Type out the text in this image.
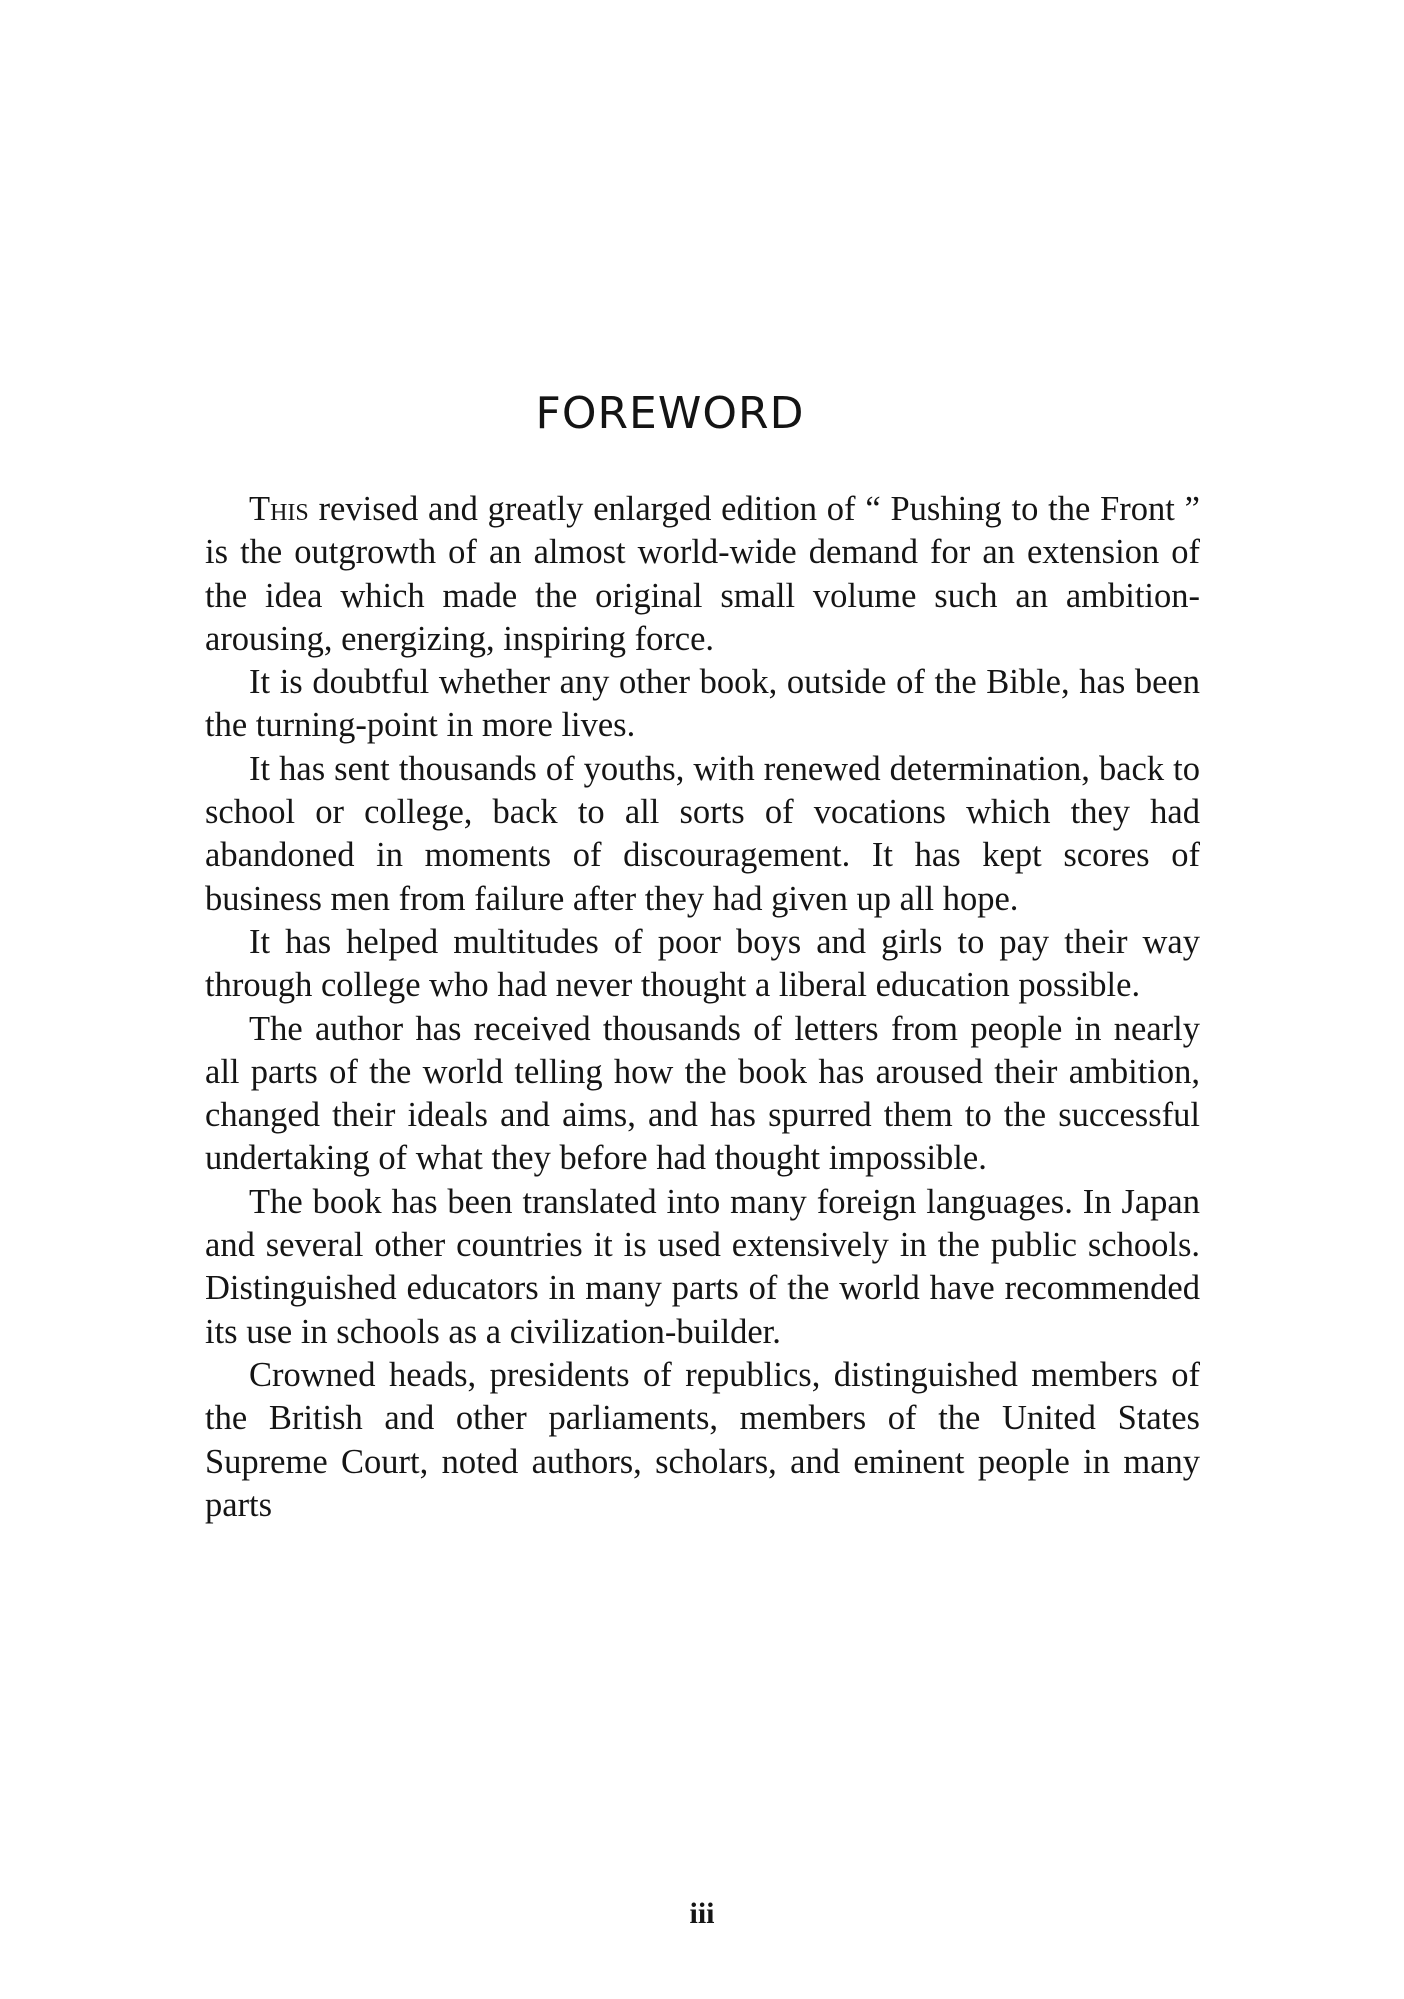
FOREWORD

This revised and greatly enlarged edition of “ Pushing to the Front ” is the outgrowth of an almost world-wide demand for an extension of the idea which made the original small volume such an ambitionarousing, energizing, inspiring force.

It is doubtful whether any other book, outside of the Bible, has been the turning-point in more lives.

It has sent thousands of youths, with renewed determination, back to school or college, back to all sorts of vocations which they had abandoned in moments of discouragement. It has kept scores of business men from failure after they had given up all hope.

It has helped multitudes of poor boys and girls to pay their way through college who had never thought a liberal education possible.

The author has received thousands of letters from people in nearly all parts of the world telling how the book has aroused their ambition, changed their ideals and aims, and has spurred them to the successful undertaking of what they before had thought impossible.

The book has been translated into many foreign languages. In Japan and several other countries it is used extensively in the public schools. Distinguished educators in many parts of the world have recommended its use in schools as a civilization-builder.

Crowned heads, presidents of republics, distinguished members of the British and other parliaments, members of the United States Supreme Court, noted authors, scholars, and eminent people in many parts

iii
